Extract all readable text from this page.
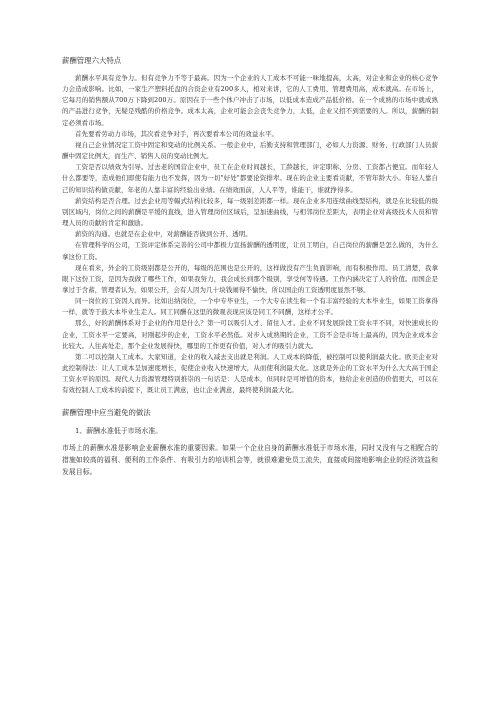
薪酬管理六大特点

薪酬水平具有竞争力。但有竞争力不等于最高。因为一个企业的人工成本不可能一味地提高，太高，对企业和企业的核心竞争力会造成影响。比如，一家生产塑料托盘的合资企业有200多人，相对来讲，它的人工费用、管理费用高，成本就高。在市场上，它每月的销售额从700万下降到200万。原因在于一些个体户冲击了市场，以低成本造成产品低价格。在一个成熟的市场中就成熟的产品进行竞争，无疑是残酷的价格竞争。成本太高，企业可能会会丧失竞争力，太低，企业又招不到需要的人。所以，薪酬的制定必须看市场。

首先要看劳动力市场，其次看竞争对手，再次要看本公司的效益水平。

视自己企业情况定工资中固定和变动的比例关系。一般企业中，后勤支持和管理部门，必如人力资源、财务、行政部门人员薪酬中固定比例大，而生产、销售人员的变动比例大。

工资是否以绩效为引导。过去老的国营企业中，员工在企业时间越长，工龄越长，评定职称、分房、工资都占便宜。而年轻人什么都要等，造成他们即使有能力也不发挥，因为一切"好处"都要论资排辈。现在的企业主要看贡献，不管年龄大小。年轻人靠自己的知识结构做贡献，年老的人靠丰富的经验出业绩。在绩效面前，人人平等，谁能干，谁就挣得多。

薪资结构是否合理。过去企业用等幅式结构比较多，每一级别差距都一样。现在企业多用连续曲线型结构，就是在比较低的级别区域内，岗位之间的薪酬是平缓的直线，进入管理岗位区域后，呈加速曲线，与相邻岗位差距大，表明企业对高级技术人员和管理人员的贡献的肯定和激励。

薪资的沟通。也就是在企业中，对薪酬能否做到公开、透明。

在管理科学的公司，工资评定体系完善的公司中都极力宣扬薪酬的透明度，让员工明白，自己岗位的薪酬是怎么做的，为什么拿这份工资。

现在看来，外企的工资级别都是公开的，每级的范围也是公开的，这样做没有产生负面影响，而有积极作用。员工清楚，我拿眼下这份工资，是因为我做了哪些工作，如果我努力，我会成长到那个级别，享受何等待遇。工作内涵决定了人的价值。而国企是拿过于含蓄，管理者认为，如果公开，会有人因为几十块钱闹得不愉快，所以国企的工资透明度显然不够。

同一岗位的工资因人而异。比如出纳岗位，一个中专毕业生，一个大专在读生和一个有丰富经验的大本毕业生，如果工资拿得一样，就等于鼓大本毕业生走人。同工同酬在这里的微观表现应该是同工不同酬，这样才公平。

那么，好的薪酬体系对于企业的作用是什么？第一可以吸引人才、留住人才。企业不同发展阶段工资水平不同，对快速成长的企业，工资水平一定要高，对刚起步的企业，工资水平必然低。对步入成熟期的企业，工资不会是市场上最高的，因为企业成本会比较大。人往高处走，那个企业发展得快，哪里的工作更有价值，对人才的吸引力就大。

第二可以控制人工成本。大家知道，企业的收入减去支出就是利润。人工成本的降低，被控制可以使利润最大化。欧美企业对此控制得法：让人工成本呈加速度增长，促使企业收入快速增大，从而使利润最大化。这就是外企的工资水平为什么大大高于国企工资水平的原因。现代人力资源管理特别推崇的一句话是：人是成本，但同时是可增值的资本，他给企业创造的价值更大，可以在有效控制人工成本的前提下，既让员工满意，也让企业满意，最终使利润最大化。

薪酬管理中应当避免的做法
1、薪酬水准低于市场水准。

市场上的薪酬水准是影响企业薪酬水准的重要因素。如果一个企业自身的薪酬水准低于市场水准，同时又没有与之相配合的措施如较高的福利、便利的工作条件、有吸引力的培训机会等，就很难避免员工流失，直接或间接地影响企业的经济效益和发展目标。
